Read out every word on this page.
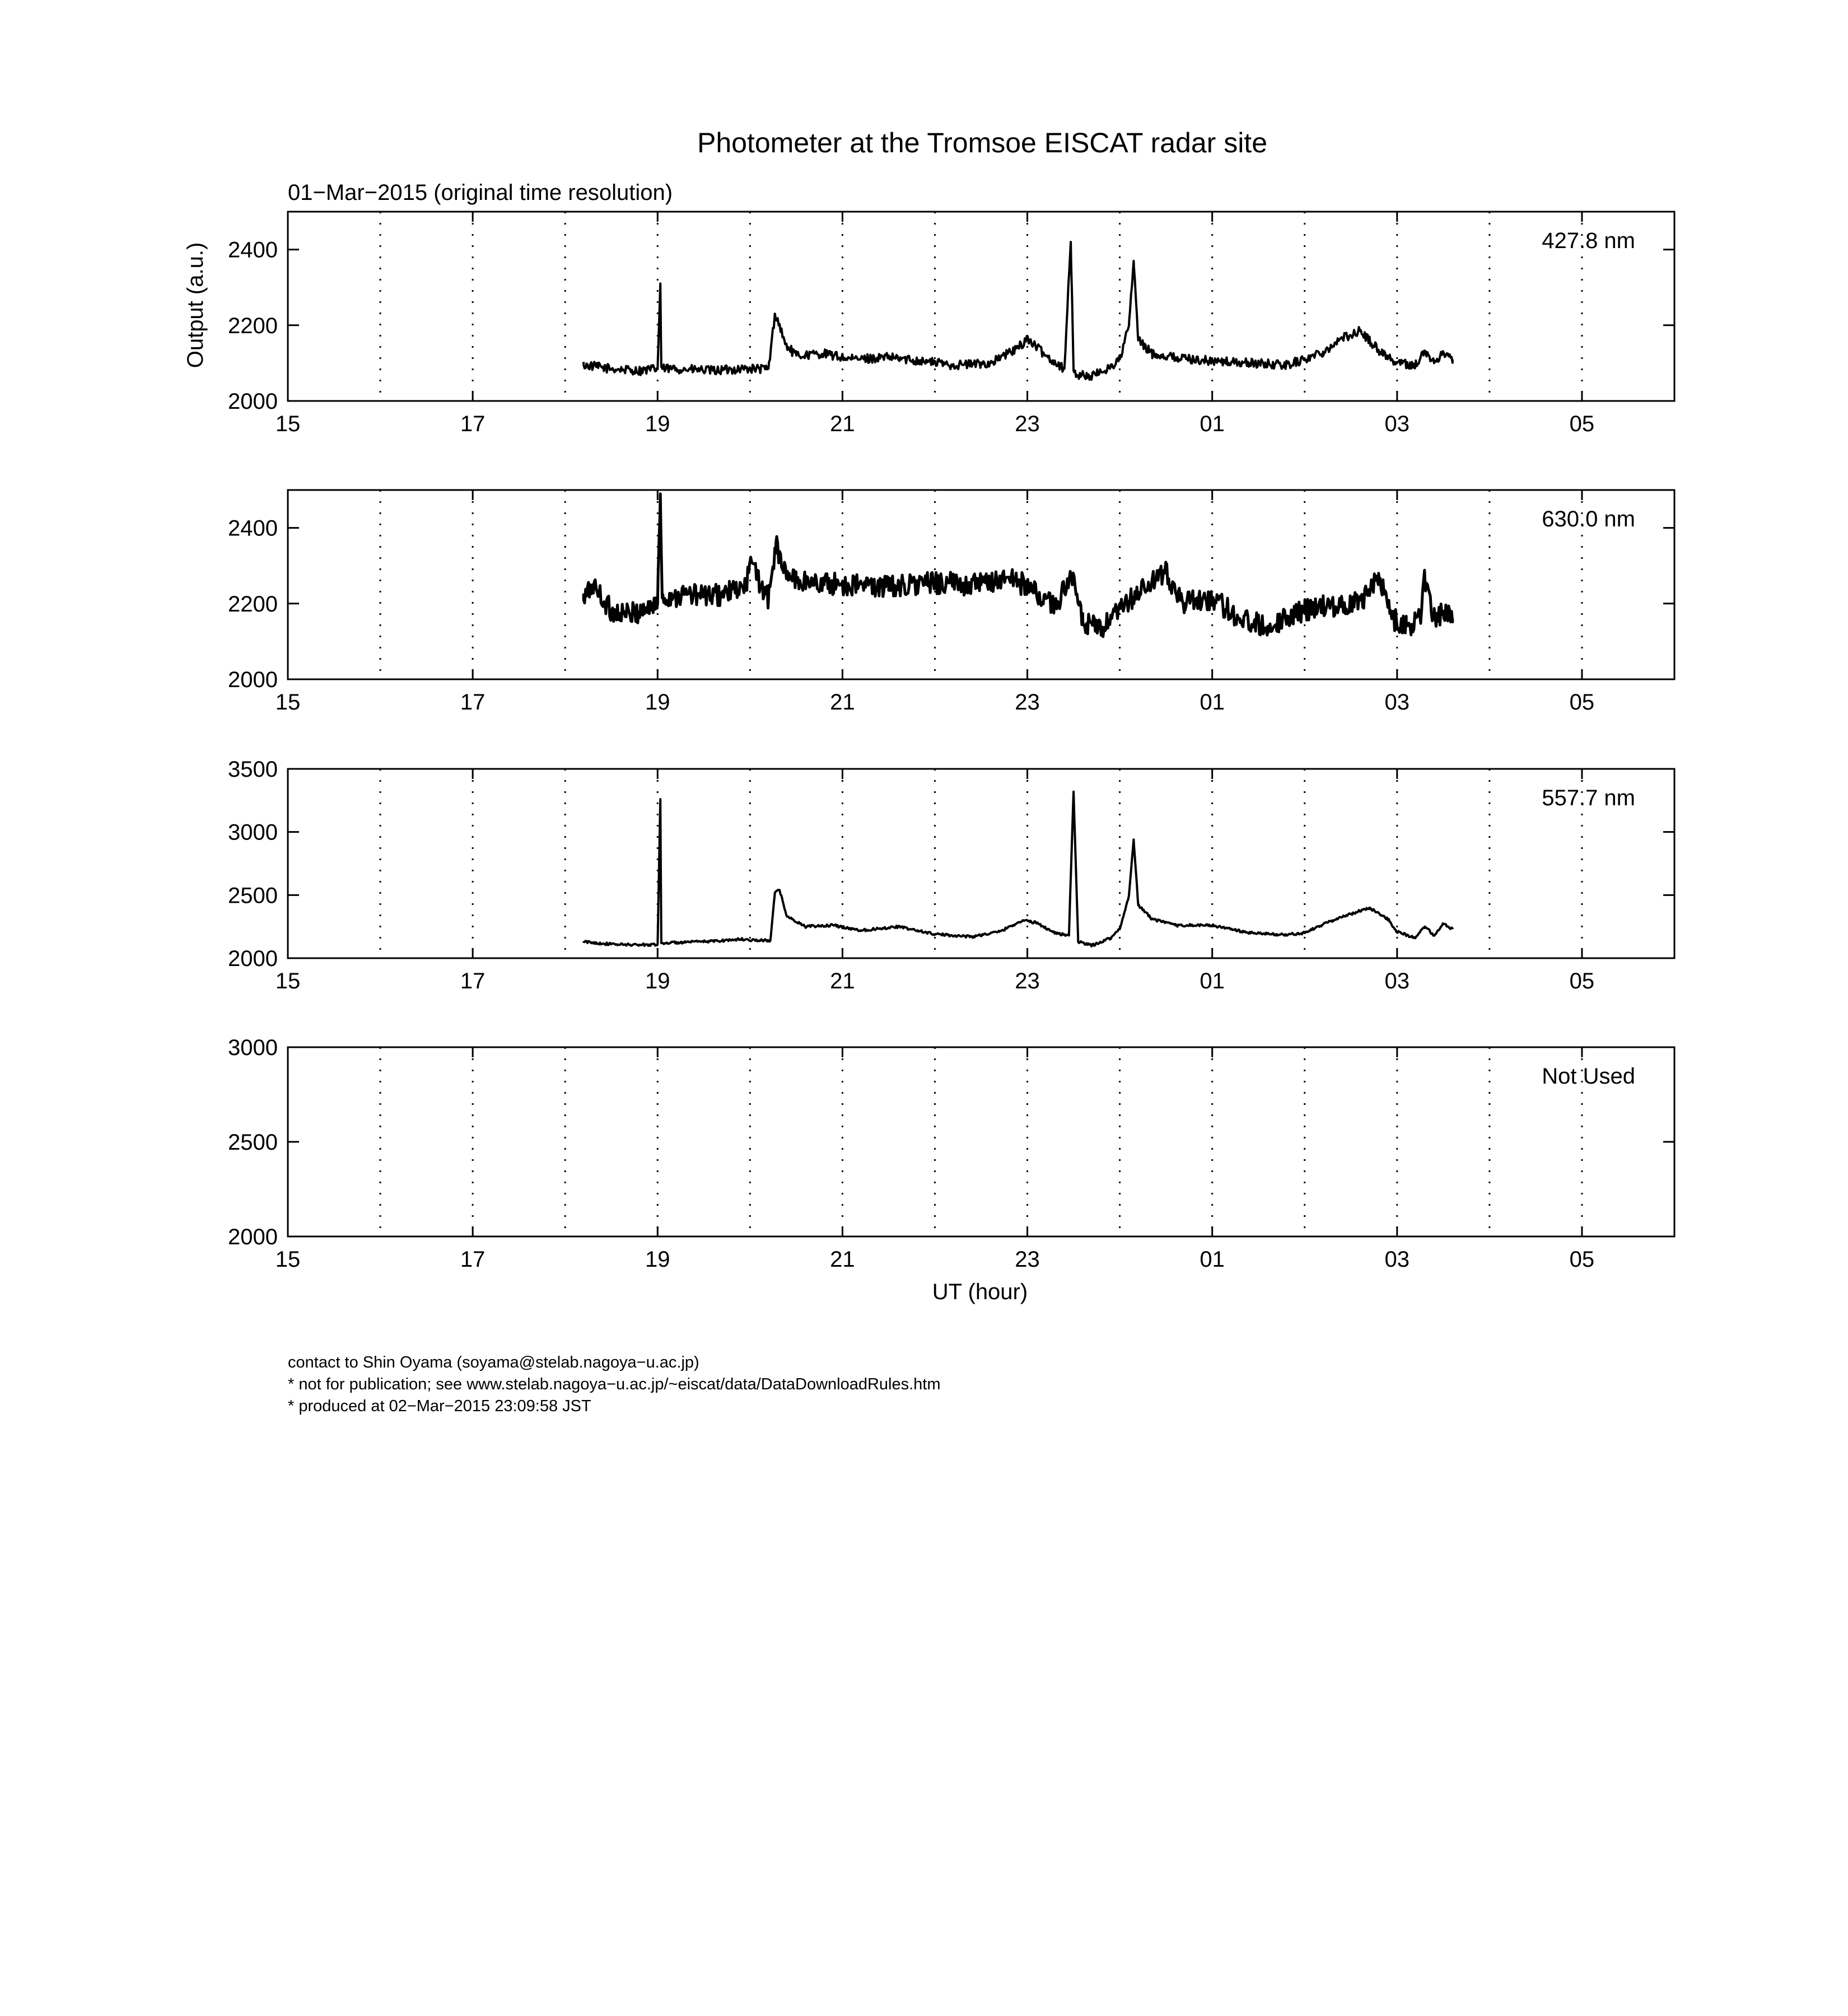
Photometer at the Tromsoe EISCAT radar site
01−Mar−2015 (original time resolution)
Output (a.u.)
15	17	19	21	23	01	03	05
2000
2200
2400	427.8 nm
15	17	19	21	23	01	03	05
2000
2200
2400	630.0 nm
15	17	19	21	23	01	03	05
2000
2500
3000
3500
557.7 nm
15	17	19	21	23	01	03	05
2000
2500
3000
Not Used
UT (hour)
contact to Shin Oyama (soyama@stelab.nagoya−u.ac.jp)
* not for publication; see www.stelab.nagoya−u.ac.jp/~eiscat/data/DataDownloadRules.htm
* produced at 02−Mar−2015 23:09:58 JST
